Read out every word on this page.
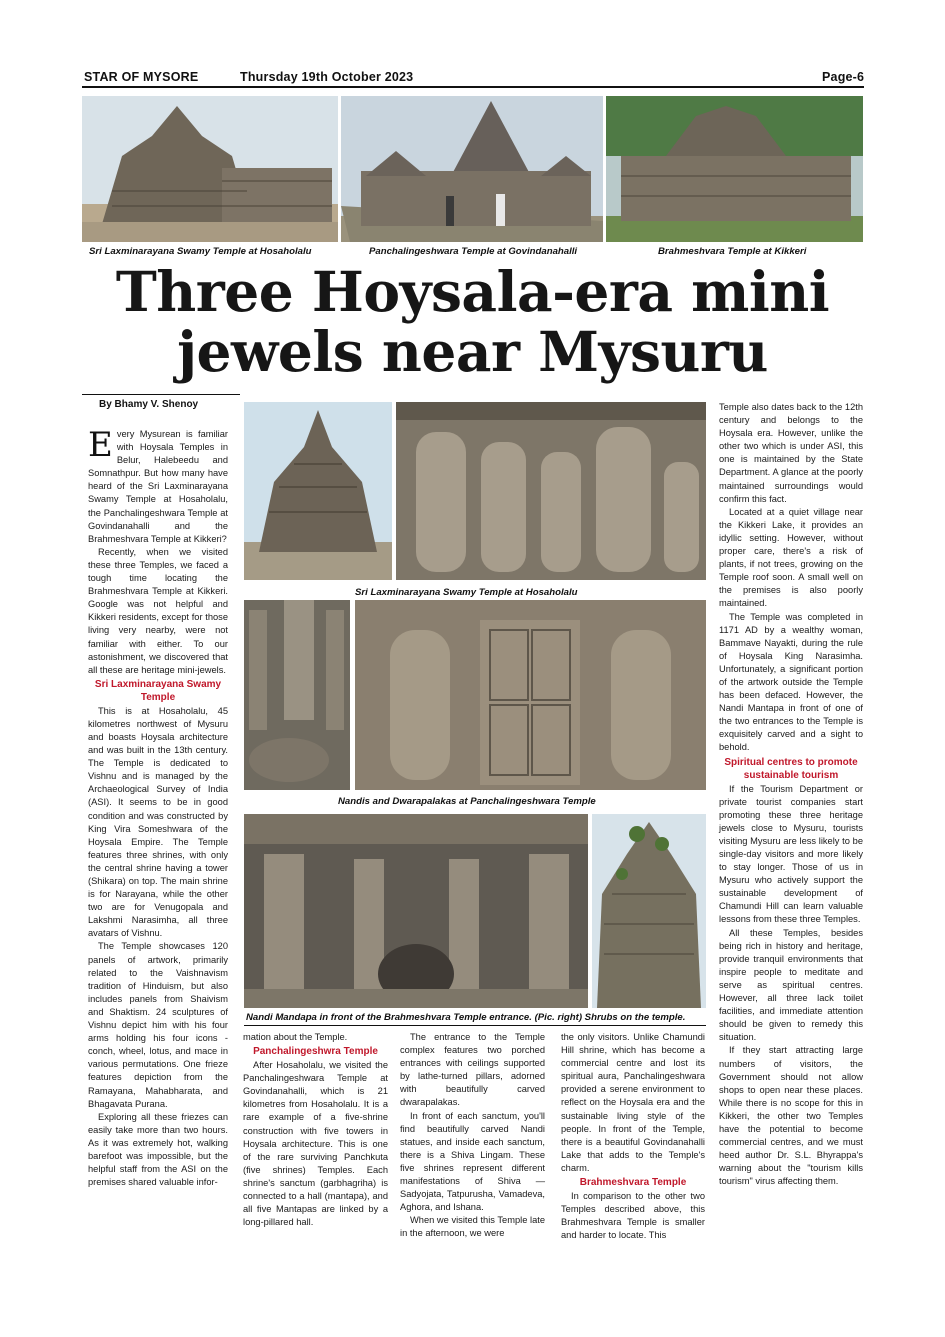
STAR OF MYSORE	Thursday 19th October 2023	Page-6
Sri Laxminarayana Swamy Temple at Hosaholalu	Panchalingeshwara Temple at Govindanahalli	Brahmeshvara Temple at Kikkeri
Three Hoysala-era mini
jewels near Mysuru
By Bhamy V. Shenoy
Sri Laxminarayana Swamy Temple at Hosaholalu
Nandis and Dwarapalakas at Panchalingeshwara Temple
Nandi Mandapa in front of the Brahmeshvara Temple entrance. (Pic. right) Shrubs on the temple.

Every Mysurean is familiar with Hoysala Temples in Belur, Halebeedu and Somnathpur. But how many have heard of the Sri Laxminarayana Swamy Temple at Hosaholalu, the Panchalingeshwara Temple at Govindanahalli and the Brahmeshvara Temple at Kikkeri?

Recently, when we visited these three Temples, we faced a tough time locating the Brahmeshvara Temple at Kikkeri. Google was not helpful and Kikkeri residents, except for those living very nearby, were not familiar with either. To our astonishment, we discovered that all these are heritage mini-jewels.

Sri Laxminarayana Swamy Temple

This is at Hosaholalu, 45 kilometres northwest of Mysuru and boasts Hoysala architecture and was built in the 13th century. The Temple is dedicated to Vishnu and is managed by the Archaeological Survey of India (ASI). It seems to be in good condition and was constructed by King Vira Someshwara of the Hoysala Empire. The Temple features three shrines, with only the central shrine having a tower (Shikara) on top. The main shrine is for Narayana, while the other two are for Venugopala and Lakshmi Narasimha, all three avatars of Vishnu.

The Temple showcases 120 panels of artwork, primarily related to the Vaishnavism tradition of Hinduism, but also includes panels from Shaivism and Shaktism. 24 sculptures of Vishnu depict him with his four arms holding his four icons - conch, wheel, lotus, and mace in various permutations. One frieze features depiction from the Ramayana, Mahabharata, and Bhagavata Purana.

Exploring all these friezes can easily take more than two hours. As it was extremely hot, walking barefoot was impossible, but the helpful staff from the ASI on the premises shared valuable infor-

mation about the Temple.

Panchalingeshwra Temple

After Hosaholalu, we visited the Panchalingeshwara Temple at Govindanahalli, which is 21 kilometres from Hosaholalu. It is a rare example of a five-shrine construction with five towers in Hoysala architecture. This is one of the rare surviving Panchkuta (five shrines) Temples. Each shrine's sanctum (garbhagriha) is connected to a hall (mantapa), and all five Mantapas are linked by a long-pillared hall.

The entrance to the Temple complex features two porched entrances with ceilings supported by lathe-turned pillars, adorned with beautifully carved dwarapalakas.

In front of each sanctum, you'll find beautifully carved Nandi statues, and inside each sanctum, there is a Shiva Lingam. These five shrines represent different manifestations of Shiva — Sadyojata, Tatpurusha, Vamadeva, Aghora, and Ishana.

When we visited this Temple late in the afternoon, we were

the only visitors. Unlike Chamundi Hill shrine, which has become a commercial centre and lost its spiritual aura, Panchalingeshwara provided a serene environment to reflect on the Hoysala era and the sustainable living style of the people. In front of the Temple, there is a beautiful Govindanahalli Lake that adds to the Temple's charm.

Brahmeshvara Temple

In comparison to the other two Temples described above, this Brahmeshvara Temple is smaller and harder to locate. This

Temple also dates back to the 12th century and belongs to the Hoysala era. However, unlike the other two which is under ASI, this one is maintained by the State Department. A glance at the poorly maintained surroundings would confirm this fact.

Located at a quiet village near the Kikkeri Lake, it provides an idyllic setting. However, without proper care, there's a risk of plants, if not trees, growing on the Temple roof soon. A small well on the premises is also poorly maintained.

The Temple was completed in 1171 AD by a wealthy woman, Bammave Nayakti, during the rule of Hoysala King Narasimha. Unfortunately, a significant portion of the artwork outside the Temple has been defaced. However, the Nandi Mantapa in front of one of the two entrances to the Temple is exquisitely carved and a sight to behold.

Spiritual centres to promote sustainable tourism

If the Tourism Department or private tourist companies start promoting these three heritage jewels close to Mysuru, tourists visiting Mysuru are less likely to be single-day visitors and more likely to stay longer. Those of us in Mysuru who actively support the sustainable development of Chamundi Hill can learn valuable lessons from these three Temples.

All these Temples, besides being rich in history and heritage, provide tranquil environments that inspire people to meditate and serve as spiritual centres. However, all three lack toilet facilities, and immediate attention should be given to remedy this situation.

If they start attracting large numbers of visitors, the Government should not allow shops to open near these places. While there is no scope for this in Kikkeri, the other two Temples have the potential to become commercial centres, and we must heed author Dr. S.L. Bhyrappa's warning about the "tourism kills tourism" virus affecting them.
